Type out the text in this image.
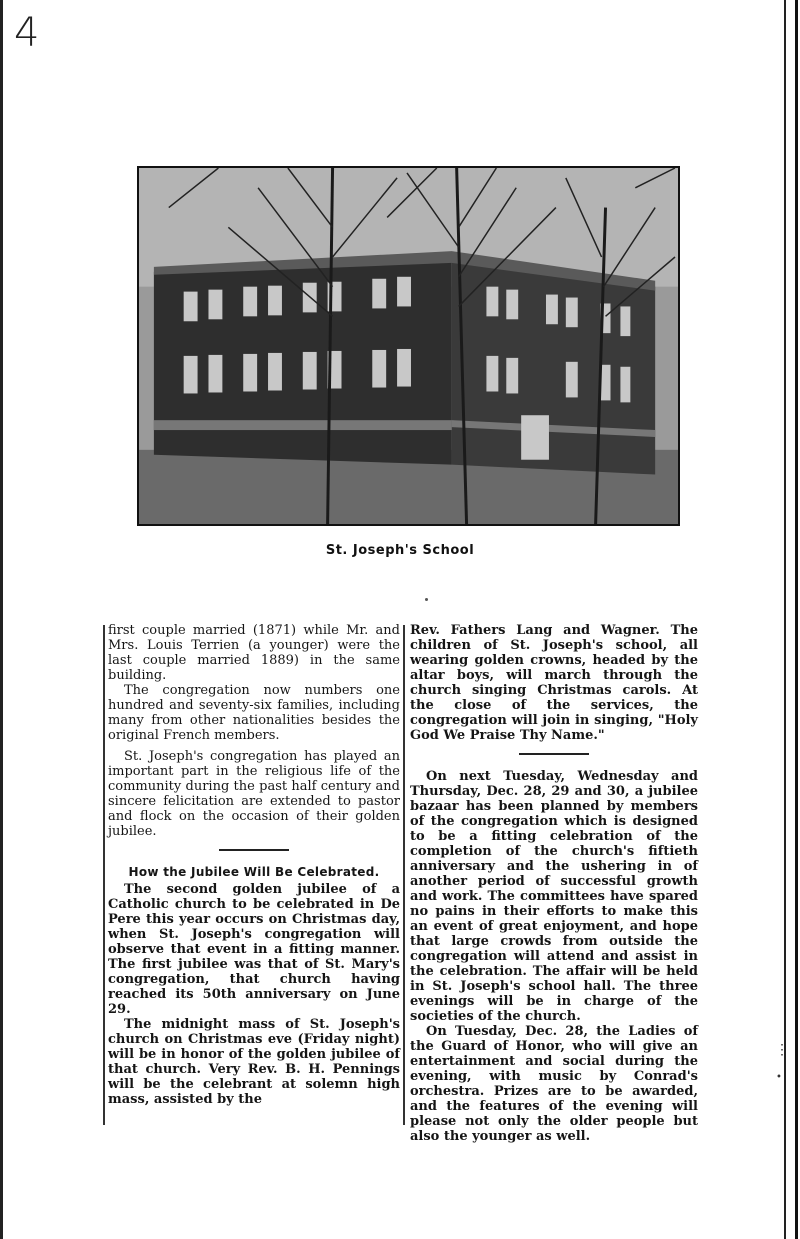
4
St. Joseph's School

first couple married (1871) while Mr. and Mrs. Louis Terrien (a younger) were the last couple married 1889) in the same building.

The congregation now numbers one hundred and seventy-six families, including many from other nationalities besides the original French members.

St. Joseph's congregation has played an important part in the religious life of the community during the past half century and sincere felicitation are extended to pastor and flock on the occasion of their golden jubilee.

How the Jubilee Will Be Celebrated.

The second golden jubilee of a Catholic church to be celebrated in De Pere this year occurs on Christmas day, when St. Joseph's congregation will observe that event in a fitting manner. The first jubilee was that of St. Mary's congregation, that church having reached its 50th anniversary on June 29.

The midnight mass of St. Joseph's church on Christmas eve (Friday night) will be in honor of the golden jubilee of that church. Very Rev. B. H. Pennings will be the celebrant at solemn high mass, assisted by the

Rev. Fathers Lang and Wagner. The children of St. Joseph's school, all wearing golden crowns, headed by the altar boys, will march through the church singing Christmas carols. At the close of the services, the congregation will join in singing, "Holy God We Praise Thy Name."

On next Tuesday, Wednesday and Thursday, Dec. 28, 29 and 30, a jubilee bazaar has been planned by members of the congregation which is designed to be a fitting celebration of the completion of the church's fiftieth anniversary and the ushering in of another period of successful growth and work. The committees have spared no pains in their efforts to make this an event of great enjoyment, and hope that large crowds from outside the congregation will attend and assist in the celebration. The affair will be held in St. Joseph's school hall. The three evenings will be in charge of the societies of the church.

On Tuesday, Dec. 28, the Ladies of the Guard of Honor, who will give an entertainment and social during the evening, with music by Conrad's orchestra. Prizes are to be awarded, and the features of the evening will please not only the older people but also the younger as well.

⋮
•
